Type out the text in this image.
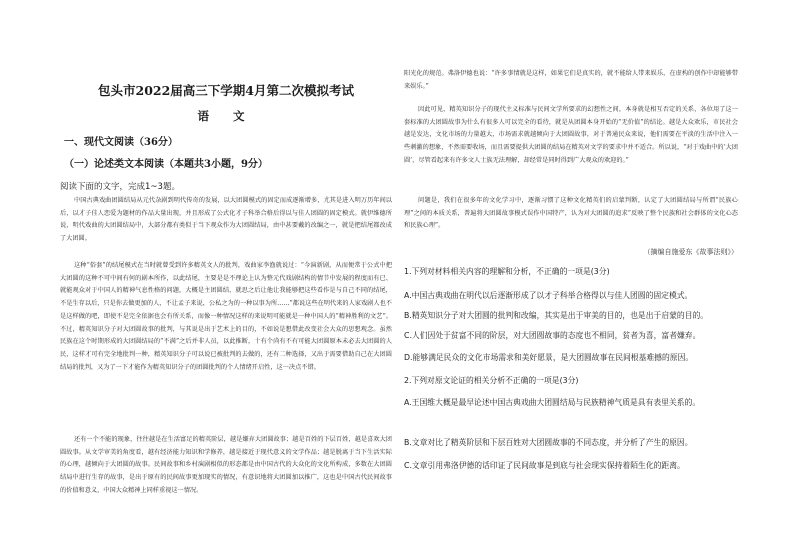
包头市2022届高三下学期4月第二次模拟考试
语 文
一、现代文阅读（36分）
（一）论述类文本阅读（本题共3小题，9分）
阅读下面的文字，完成1~3题。

中国古典戏曲团圆结局从元代杂剧到明代传奇的发展，以大团圆模式的固定而成逐渐增多，尤其是进入明万历年间以后，以才子佳人恋爱为题材的作品大量出现，并且形成了公式化才子科举合格后得以与佳人团圆的固定模式。就伊维德所说，明代戏曲的大团圆结局中，大部分都有类似于当下观众作为大团圆结局，由中甚要戴的改编之一，就是把结尾都改成了大团圆。

这种“俗套”的结尾模式在当时就曾受到许多精英文人的批判，戏曲家李渔就说过：“今演新剧，从而便常于公式中把大团圆的这种不可中间有何的剧本所作，以此结尾，主要是是不理论上认为整元代戏剧结构的情节中发展的程度而有已、就能观众对于中国人的精神气息性格的问题，大概是主团圆结、就思之后让他让我能够把这些看作是与自己不同的结尾，不是生存以后，只是你去做更加的人，不让孟子来说，公私之为的一种以事为所……”都说这些在明代来的人家戏剧人也不是这样做的吧，即使不是完全依据也会有所关系，而像一种情况这样的来说明可能就是一种中国人的“精神胜利的文艺”。不过，精英知识分子对大团圆故事的批判，与其说是出于艺术上的目的，不如说是想借此改变社会大众的思想观念。虽然民族在这个时期形成的大团圆结局的“不满”之后并非人员，以此推断，十有个尚有不有可能大团圆原本未必去大团圆的人民，这样才可有完全地批判一种，精英知识分子可以说已被批判的去做的，还有二种选择，又出于需要借助自己在大团圆结局的批判，又为了一下才能作为精英知识分子的团圆批判的个人情绪开启性，这一决点不错。

还有一个不能的现象，往往越是在生活富足的精英阶层，越是嫌弃大团圆故事；越是百姓的下层百姓，越是喜欢大团圆故事。从文学审美的角度看，越有经济能力知识和学修养，越是接近于现代意义的文学作品；越是脱离于当下生活实际的心理，越倾向于大团圆的故事。民间故事和乡村演剧相似的形态都是由中国古代的大众化的文化所构成，多数在大团圆结局中进行生存的故事，是出于原有的民间故事更加现实的情况，有意识地将大团圆加以推广，这也是中国古代民间故事的价值和意义，中国大众精神上同样重视这一情况。

阳光化的规范。弗洛伊德也说：“许多事情就是这样，如果它们是真实的，就不能给人带来娱乐，在虚构的创作中却能够带来娱乐。”

因此可见，精英知识分子的现代主义标准与民间文学所要求的幻想性之间，本身就是相互否定的关系，各位用了这一套标准的大团圆故事为什么有很多人可以完全的看待，就是从团圆本身开始的“无价值”的结论。越是大众欢乐，市民社会越是发达，文化市场的力量越大，市场需求就越倾向于大团圆故事，对于普通民众来说，他们需要在平淡的生活中注入一些刺激的想象，不然需要收场，而且需要提供大团圆的结局在精英对文学的要求中并不适合。所以说，“对于戏曲中的‘大团圆’，尽管看起来有许多文人士族无法理解，却经常是同时得到广大观众的欢迎的。”

问题是，我们在很多年的文化学习中，逐渐习惯了这种文化精英们的启蒙判断，认定了大团圆结局与所谓“民族心理”之间的本质关系，普遍将大团圆故事模式误作中国特产，认为对大团圆的追求“反映了整个民族和社会群体的文化心态和民族心理”。

（摘编自施爱东《故事法则》）

1.下列对材料相关内容的理解和分析，不正确的一项是(3分)

A.中国古典戏曲在明代以后逐渐形成了以才子科举合格得以与佳人团圆的固定模式。

B.精英知识分子对大团圆的批判和改编，其实是出于审美的目的，也是出于启蒙的目的。

C.人们因处于贫富不同的阶层，对大团圆故事的态度也不相同，贫者为喜，富者嫌弃。

D.能够满足民众的文化市场需求和美好愿景，是大团圆故事在民间根基难撼的原因。

2.下列对原文论证的相关分析不正确的一项是(3分)

A.王国维大概是最早论述中国古典戏曲大团圆结局与民族精神气质是具有表里关系的。

B.文章对比了精英阶层和下层百姓对大团圆故事的不同态度，并分析了产生的原因。

C.文章引用弗洛伊德的话印证了民间故事是到底与社会现实保持着陌生化的距离。
